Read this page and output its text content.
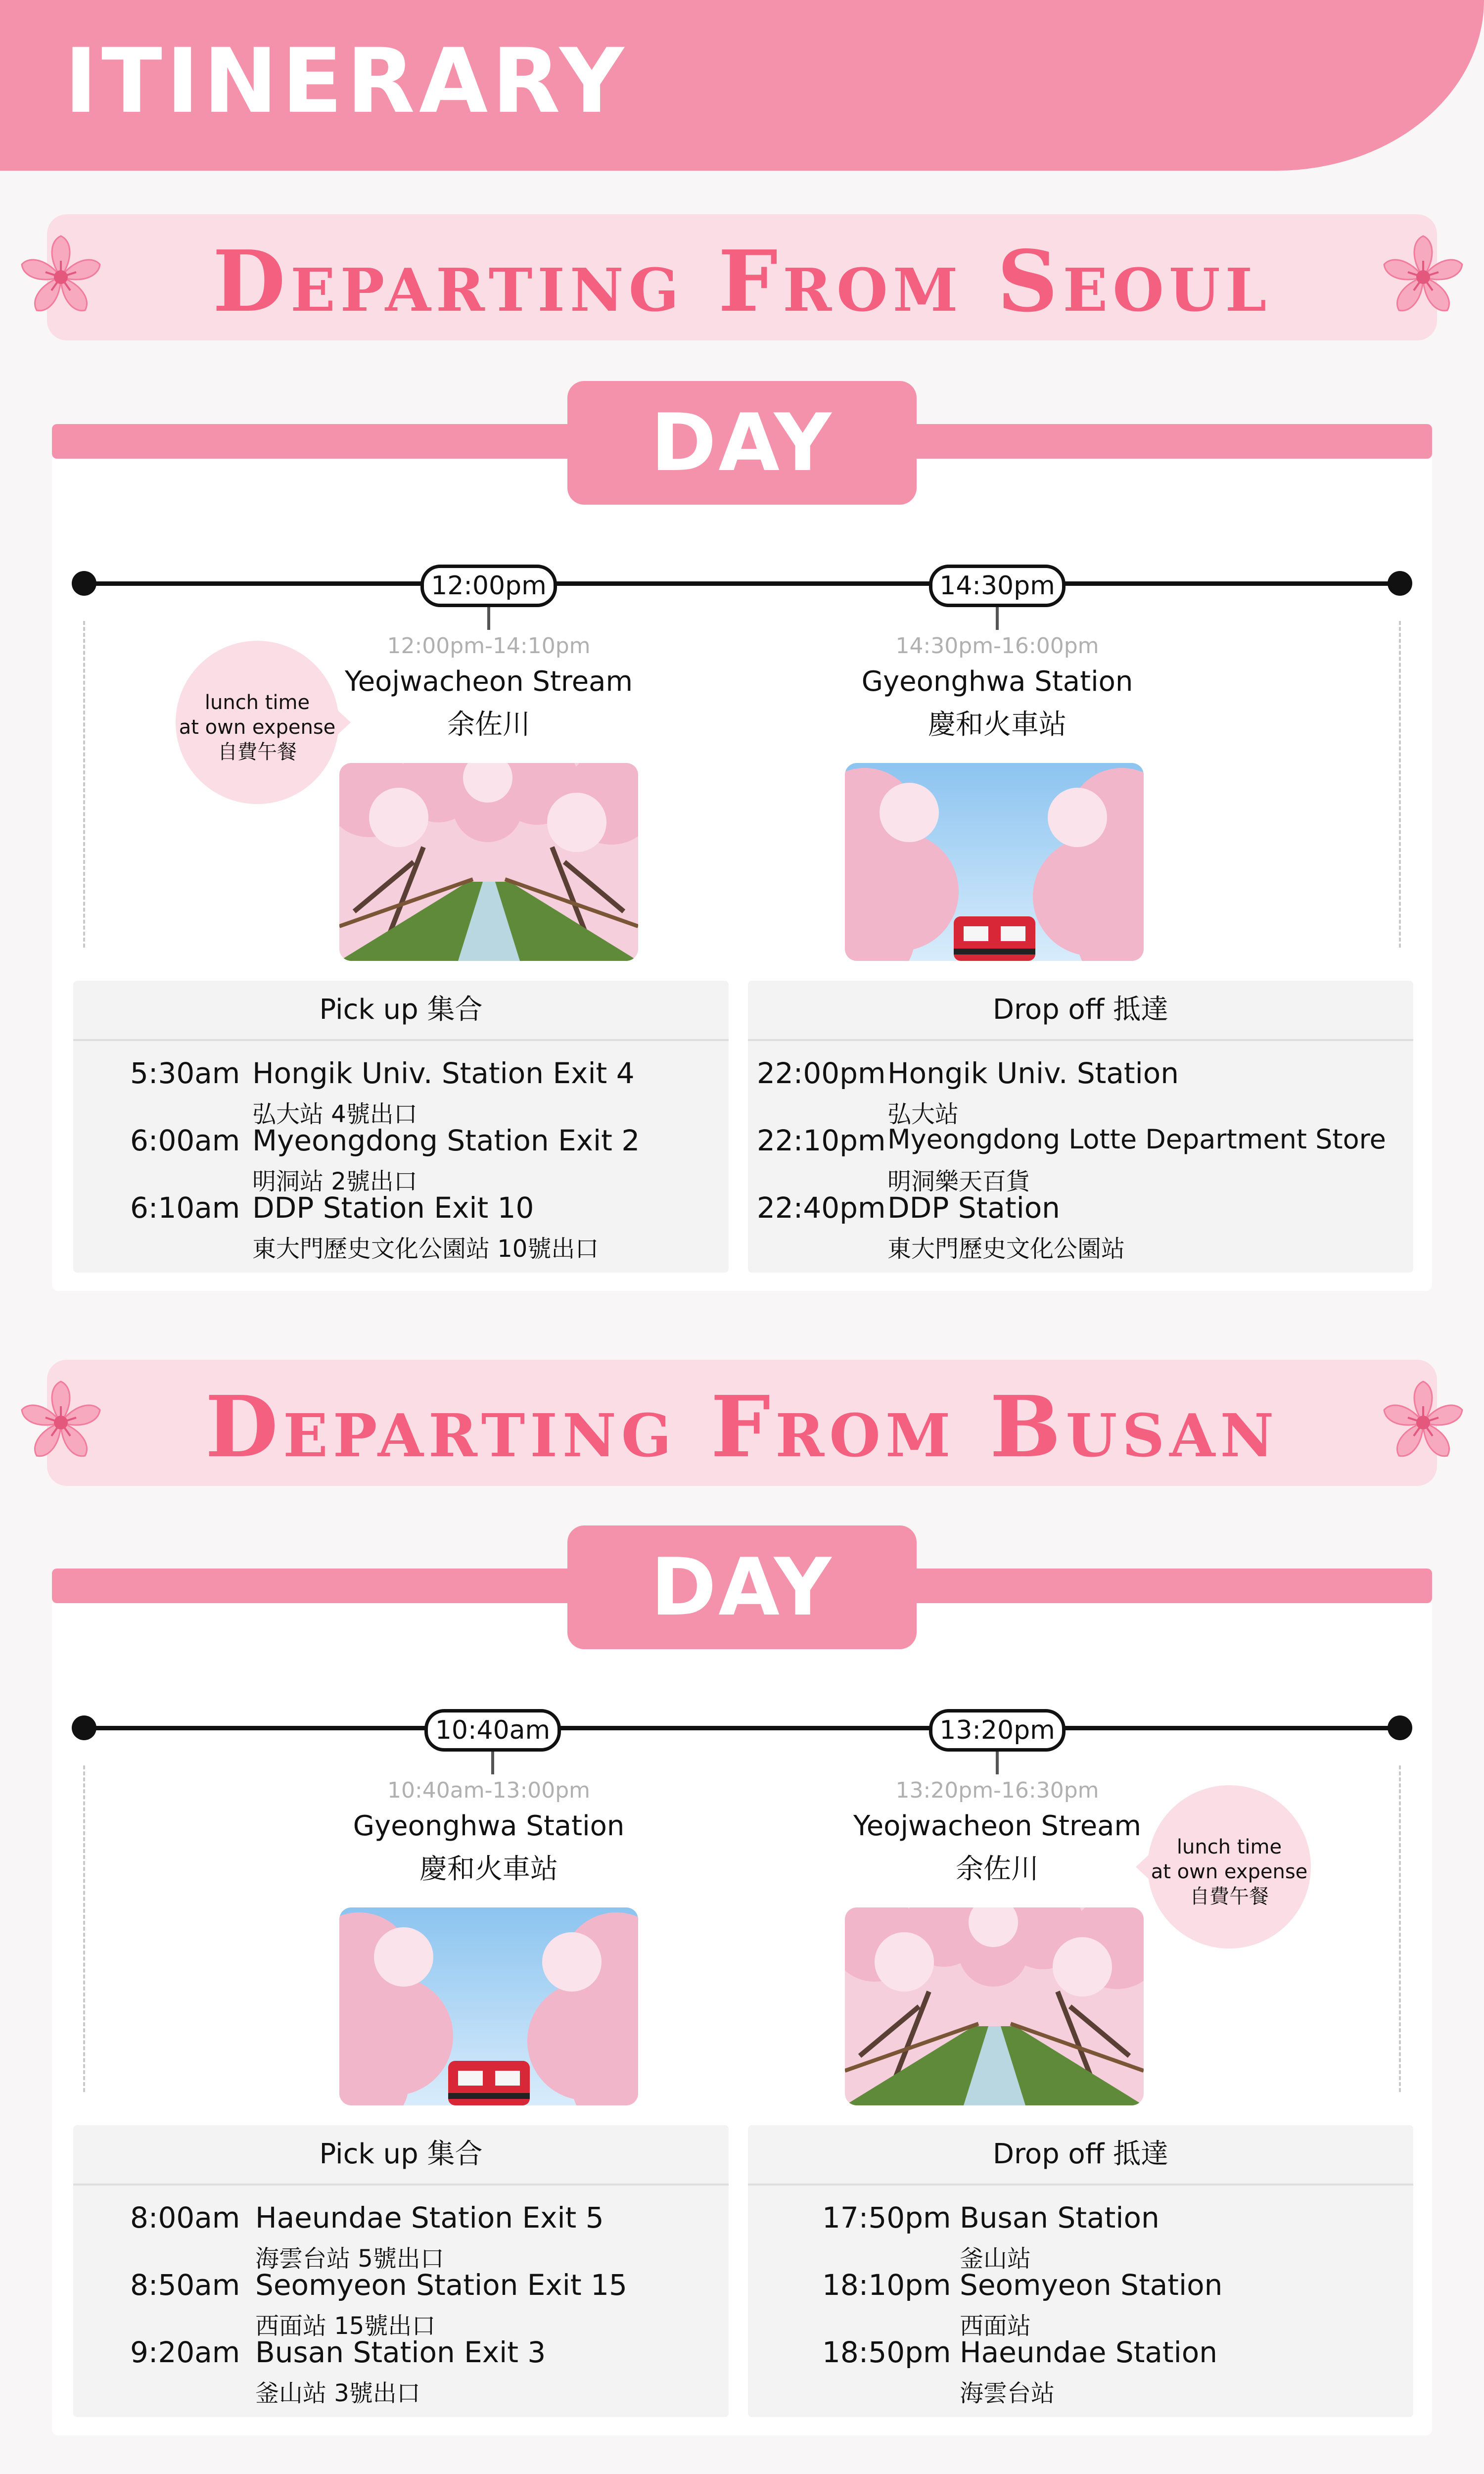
ITINERARY
Departing From Seoul
DAY
12:00pm
12:00pm-14:10pm
Yeojwacheon Stream
余佐川
lunch time
at own expense
自費午餐
14:30pm
14:30pm-16:00pm
Gyeonghwa Station
慶和火車站
Pick up 集合
5:30am Hongik Univ. Station Exit 4
弘大站 4號出口
6:00am Myeongdong Station Exit 2
明洞站 2號出口
6:10am DDP Station Exit 10
東大門歷史文化公園站 10號出口
Drop off 抵達
22:00pm Hongik Univ. Station
弘大站
22:10pm Myeongdong Lotte Department Store
明洞樂天百貨
22:40pm DDP Station
東大門歷史文化公園站
Departing From Busan
DAY
10:40am
10:40am-13:00pm
Gyeonghwa Station
慶和火車站
13:20pm
13:20pm-16:30pm
Yeojwacheon Stream
余佐川
lunch time
at own expense
自費午餐
Pick up 集合
8:00am Haeundae Station Exit 5
海雲台站 5號出口
8:50am Seomyeon Station Exit 15
西面站 15號出口
9:20am Busan Station Exit 3
釜山站 3號出口
Drop off 抵達
17:50pm Busan Station
釜山站
18:10pm Seomyeon Station
西面站
18:50pm Haeundae Station
海雲台站
